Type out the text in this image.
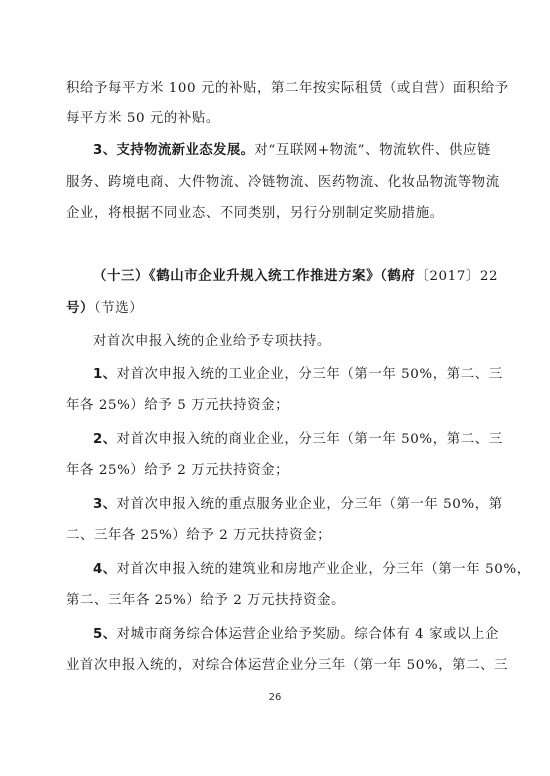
积给予每平方米 100 元的补贴，第二年按实际租赁（或自营）面积给予
每平方米 50 元的补贴。
3、支持物流新业态发展。对“互联网+物流”、物流软件、供应链
服务、跨境电商、大件物流、冷链物流、医药物流、化妆品物流等物流
企业，将根据不同业态、不同类别，另行分别制定奖励措施。
（十三）《鹤山市企业升规入统工作推进方案》（鹤府〔2017〕22
号）（节选）
对首次申报入统的企业给予专项扶持。
1、对首次申报入统的工业企业，分三年（第一年 50%，第二、三
年各 25%）给予 5 万元扶持资金；
2、对首次申报入统的商业企业，分三年（第一年 50%，第二、三
年各 25%）给予 2 万元扶持资金；
3、对首次申报入统的重点服务业企业，分三年（第一年 50%，第
二、三年各 25%）给予 2 万元扶持资金；
4、对首次申报入统的建筑业和房地产业企业，分三年（第一年 50%，
第二、三年各 25%）给予 2 万元扶持资金。
5、对城市商务综合体运营企业给予奖励。综合体有 4 家或以上企
业首次申报入统的，对综合体运营企业分三年（第一年 50%，第二、三
26
